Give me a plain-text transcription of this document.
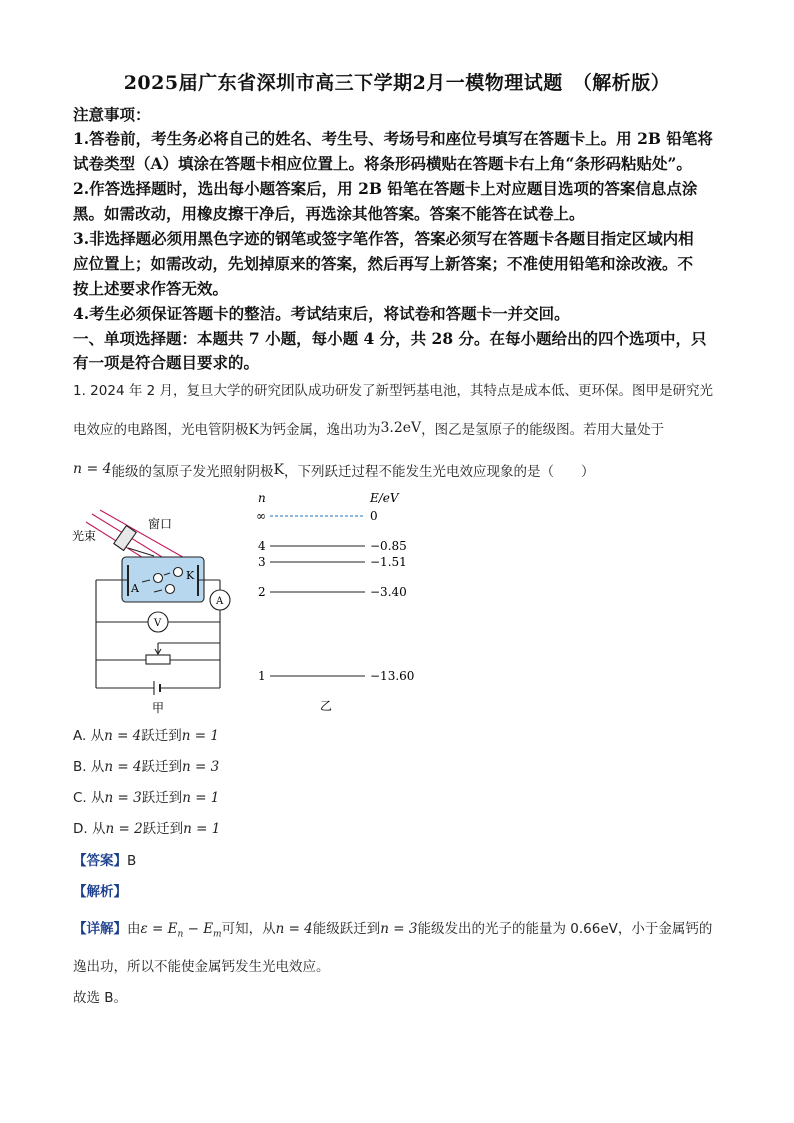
2025届广东省深圳市高三下学期2月一模物理试题　（解析版）
注意事项：
1.答卷前，考生务必将自己的姓名、考生号、考场号和座位号填写在答题卡上。用 2B 铅笔将
试卷类型（A）填涂在答题卡相应位置上。将条形码横贴在答题卡右上角“条形码粘贴处”。
2.作答选择题时，选出每小题答案后，用 2B 铅笔在答题卡上对应题目选项的答案信息点涂
黑。如需改动，用橡皮擦干净后，再选涂其他答案。答案不能答在试卷上。
3.非选择题必须用黑色字迹的钢笔或签字笔作答，答案必须写在答题卡各题目指定区域内相
应位置上；如需改动，先划掉原来的答案，然后再写上新答案；不准使用铅笔和涂改液。不
按上述要求作答无效。
4.考生必须保证答题卡的整洁。考试结束后，将试卷和答题卡一并交回。
一、单项选择题：本题共 7 小题，每小题 4 分，共 28 分。在每小题给出的四个选项中，只
有一项是符合题目要求的。
1. 2024 年 2 月，复旦大学的研究团队成功研发了新型钙基电池，其特点是成本低、更环保。图甲是研究光
电效应的电路图，光电管阴极K为钙金属，逸出功为3.2eV，图乙是氢原子的能级图。若用大量处于
n = 4能级的氢原子发光照射阴极K，下列跃迁过程不能发生光电效应现象的是（  ）
光束
窗口
A
K
A
V
甲
n	E/eV
∞	0
4	−0.85
3	−1.51
2	−3.40
1	−13.60
乙
A. 从n = 4跃迁到n = 1
B. 从n = 4跃迁到n = 3
C. 从n = 3跃迁到n = 1
D. 从n = 2跃迁到n = 1
【答案】B
【解析】
【详解】由$\varepsilon = E_n - E_m$可知，从n = 4能级跃迁到n = 3能级发出的光子的能量为 0.66eV，小于金属钙的
逸出功，所以不能使金属钙发生光电效应。
故选 B。
